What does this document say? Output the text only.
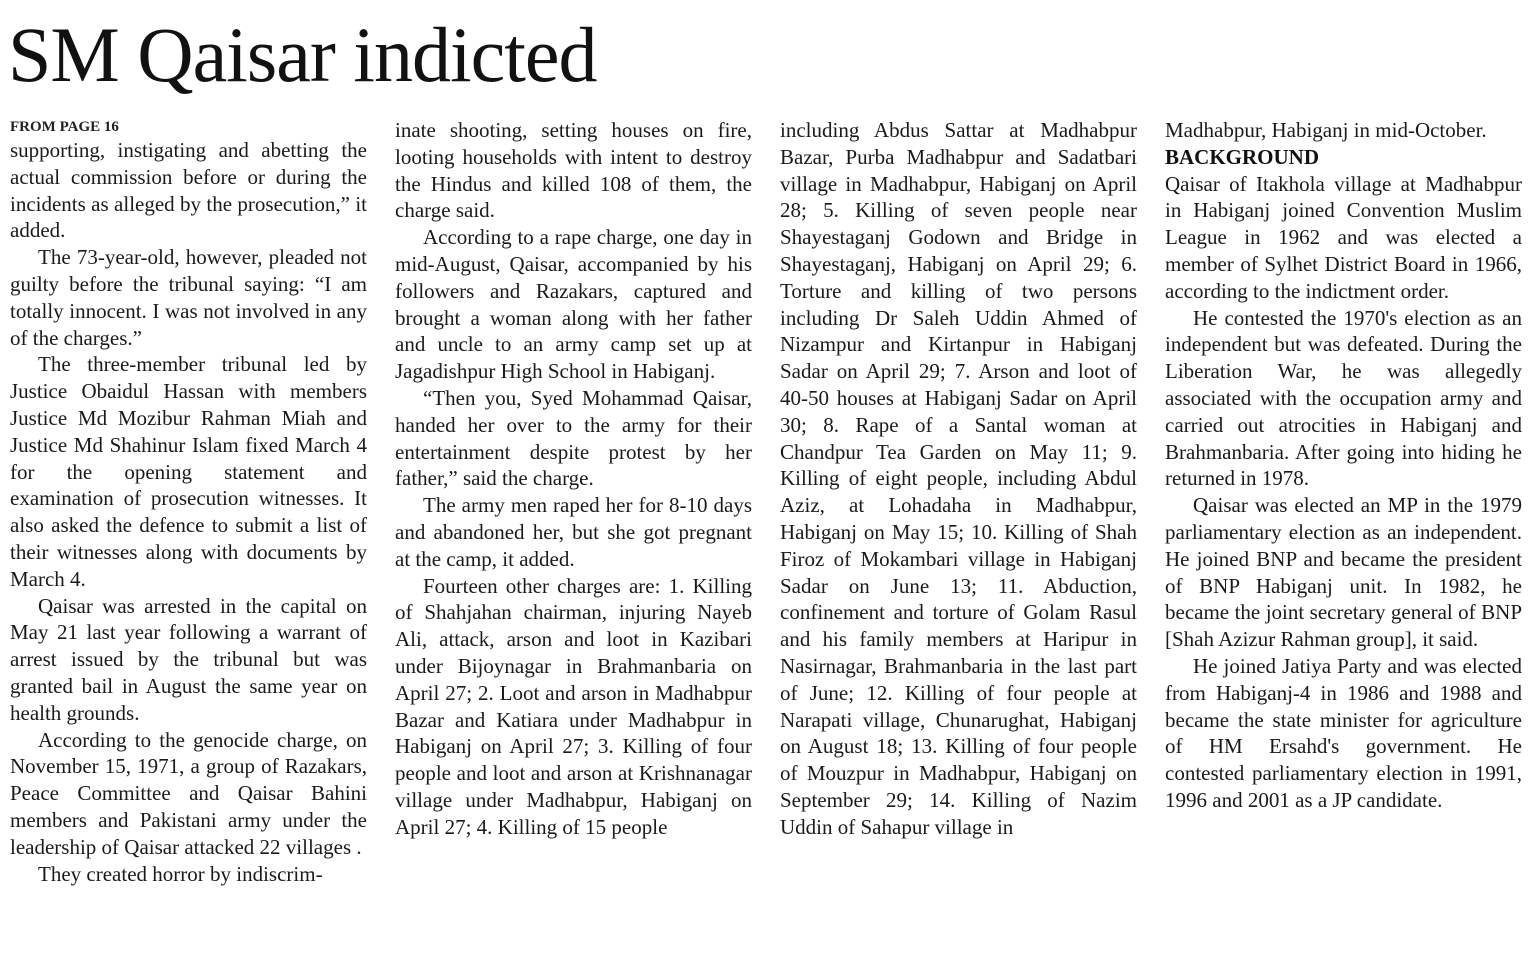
SM Qaisar indicted
FROM PAGE 16

supporting, instigating and abetting the actual commission before or during the incidents as alleged by the prosecution,” it added.

The 73-year-old, however, pleaded not guilty before the tribunal saying: “I am totally innocent. I was not involved in any of the charges.”

The three-member tribunal led by Justice Obaidul Hassan with members Justice Md Mozibur Rahman Miah and Justice Md Shahinur Islam fixed March 4 for the opening statement and examination of prosecution witnesses. It also asked the defence to submit a list of their witnesses along with documents by March 4.

Qaisar was arrested in the capital on May 21 last year following a warrant of arrest issued by the tribunal but was granted bail in August the same year on health grounds.

According to the genocide charge, on November 15, 1971, a group of Razakars, Peace Committee and Qaisar Bahini members and Pakistani army under the leadership of Qaisar attacked 22 villages .

They created horror by indiscrim-

inate shooting, setting houses on fire, looting households with intent to destroy the Hindus and killed 108 of them, the charge said.

According to a rape charge, one day in mid-August, Qaisar, accompanied by his followers and Razakars, captured and brought a woman along with her father and uncle to an army camp set up at Jagadishpur High School in Habiganj.

“Then you, Syed Mohammad Qaisar, handed her over to the army for their entertainment despite protest by her father,” said the charge.

The army men raped her for 8-10 days and abandoned her, but she got pregnant at the camp, it added.

Fourteen other charges are: 1. Killing of Shahjahan chairman, injuring Nayeb Ali, attack, arson and loot in Kazibari under Bijoynagar in Brahmanbaria on April 27; 2. Loot and arson in Madhabpur Bazar and Katiara under Madhabpur in Habiganj on April 27; 3. Killing of four people and loot and arson at Krishnanagar village under Madhabpur, Habiganj on April 27; 4. Killing of 15 people

including Abdus Sattar at Madhabpur Bazar, Purba Madhabpur and Sadatbari village in Madhabpur, Habiganj on April 28; 5. Killing of seven people near Shayestaganj Godown and Bridge in Shayestaganj, Habiganj on April 29; 6. Torture and killing of two persons including Dr Saleh Uddin Ahmed of Nizampur and Kirtanpur in Habiganj Sadar on April 29; 7. Arson and loot of 40-50 houses at Habiganj Sadar on April 30; 8. Rape of a Santal woman at Chandpur Tea Garden on May 11; 9. Killing of eight people, including Abdul Aziz, at Lohadaha in Madhabpur, Habiganj on May 15; 10. Killing of Shah Firoz of Mokambari village in Habiganj Sadar on June 13; 11. Abduction, confinement and torture of Golam Rasul and his family members at Haripur in Nasirnagar, Brahmanbaria in the last part of June; 12. Killing of four people at Narapati village, Chunarughat, Habiganj on August 18; 13. Killing of four people of Mouzpur in Madhabpur, Habiganj on September 29; 14. Killing of Nazim Uddin of Sahapur village in

Madhabpur, Habiganj in mid-October.

BACKGROUND

Qaisar of Itakhola village at Madhabpur in Habiganj joined Convention Muslim League in 1962 and was elected a member of Sylhet District Board in 1966, according to the indictment order.

He contested the 1970's election as an independent but was defeated. During the Liberation War, he was allegedly associated with the occupation army and carried out atrocities in Habiganj and Brahmanbaria. After going into hiding he returned in 1978.

Qaisar was elected an MP in the 1979 parliamentary election as an independent. He joined BNP and became the president of BNP Habiganj unit. In 1982, he became the joint secretary general of BNP [Shah Azizur Rahman group], it said.

He joined Jatiya Party and was elected from Habiganj-4 in 1986 and 1988 and became the state minister for agriculture of HM Ersahd's government. He contested parliamentary election in 1991, 1996 and 2001 as a JP candidate.
